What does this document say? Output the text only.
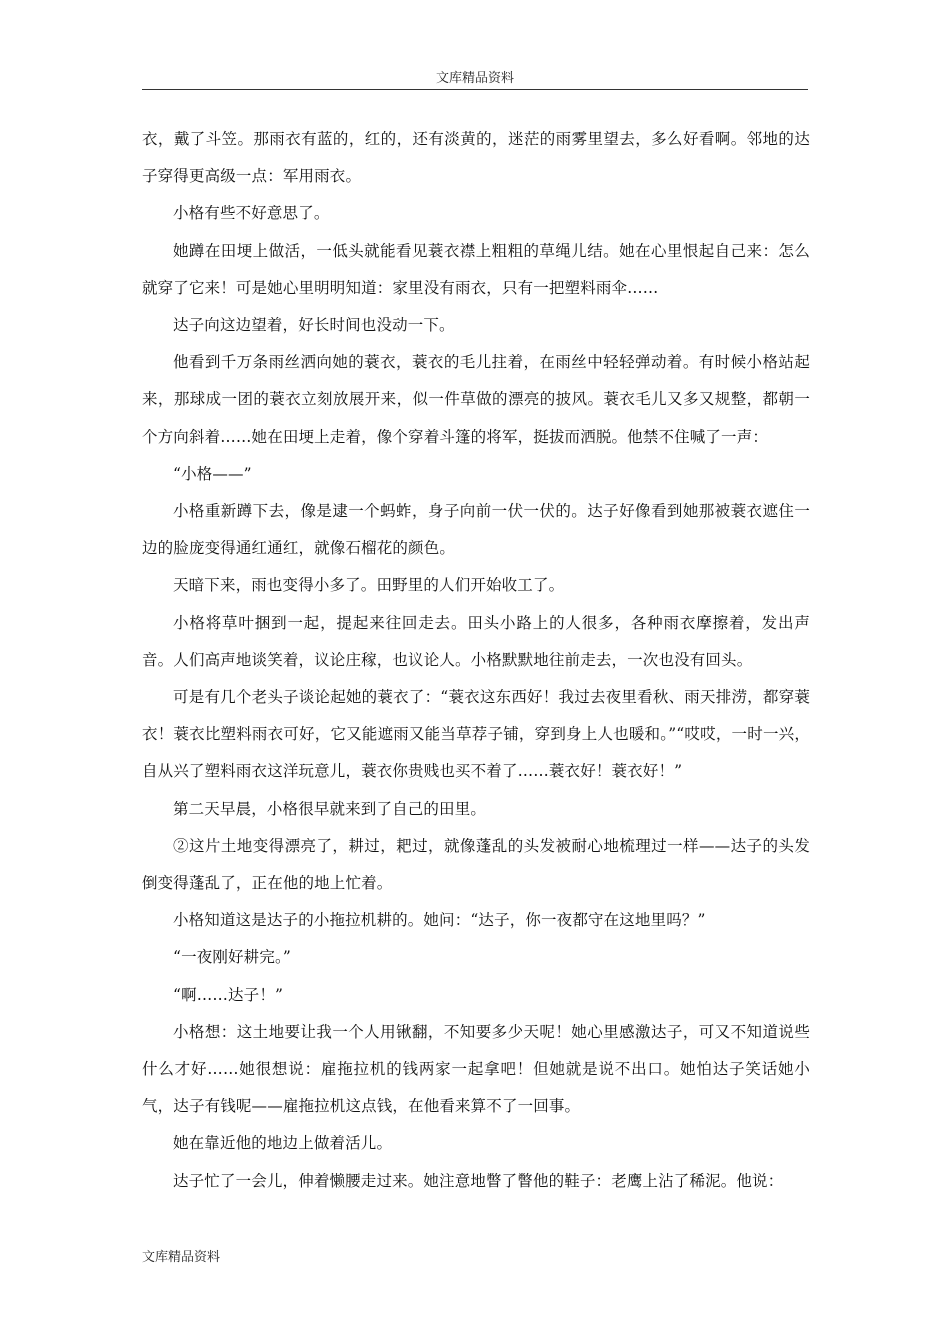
文库精品资料

衣，戴了斗笠。那雨衣有蓝的，红的，还有淡黄的，迷茫的雨雾里望去，多么好看啊。邻地的达子穿得更高级一点：军用雨衣。

小格有些不好意思了。

她蹲在田埂上做活，一低头就能看见蓑衣襟上粗粗的草绳儿结。她在心里恨起自己来：怎么就穿了它来！可是她心里明明知道：家里没有雨衣，只有一把塑料雨伞……

达子向这边望着，好长时间也没动一下。

他看到千万条雨丝洒向她的蓑衣，蓑衣的毛儿拄着，在雨丝中轻轻弹动着。有时候小格站起来，那球成一团的蓑衣立刻放展开来，似一件草做的漂亮的披风。蓑衣毛儿又多又规整，都朝一个方向斜着……她在田埂上走着，像个穿着斗篷的将军，挺拔而洒脱。他禁不住喊了一声：

“小格——”

小格重新蹲下去，像是逮一个蚂蚱，身子向前一伏一伏的。达子好像看到她那被蓑衣遮住一边的脸庞变得通红通红，就像石榴花的颜色。

天暗下来，雨也变得小多了。田野里的人们开始收工了。

小格将草叶捆到一起，提起来往回走去。田头小路上的人很多，各种雨衣摩擦着，发出声音。人们高声地谈笑着，议论庄稼，也议论人。小格默默地往前走去，一次也没有回头。

可是有几个老头子谈论起她的蓑衣了：“蓑衣这东西好！我过去夜里看秋、雨天排涝，都穿蓑衣！蓑衣比塑料雨衣可好，它又能遮雨又能当草荐子铺，穿到身上人也暖和。”“哎哎，一时一兴，自从兴了塑料雨衣这洋玩意儿，蓑衣你贵贱也买不着了……蓑衣好！蓑衣好！”

第二天早晨，小格很早就来到了自己的田里。

②这片土地变得漂亮了，耕过，耙过，就像蓬乱的头发被耐心地梳理过一样——达子的头发倒变得蓬乱了，正在他的地上忙着。

小格知道这是达子的小拖拉机耕的。她问：“达子，你一夜都守在这地里吗？”

“一夜刚好耕完。”

“啊……达子！”

小格想：这土地要让我一个人用锹翻，不知要多少天呢！她心里感激达子，可又不知道说些什么才好……她很想说：雇拖拉机的钱两家一起拿吧！但她就是说不出口。她怕达子笑话她小气，达子有钱呢——雇拖拉机这点钱，在他看来算不了一回事。

她在靠近他的地边上做着活儿。

达子忙了一会儿，伸着懒腰走过来。她注意地瞥了瞥他的鞋子：老鹰上沾了稀泥。他说：

文库精品资料
